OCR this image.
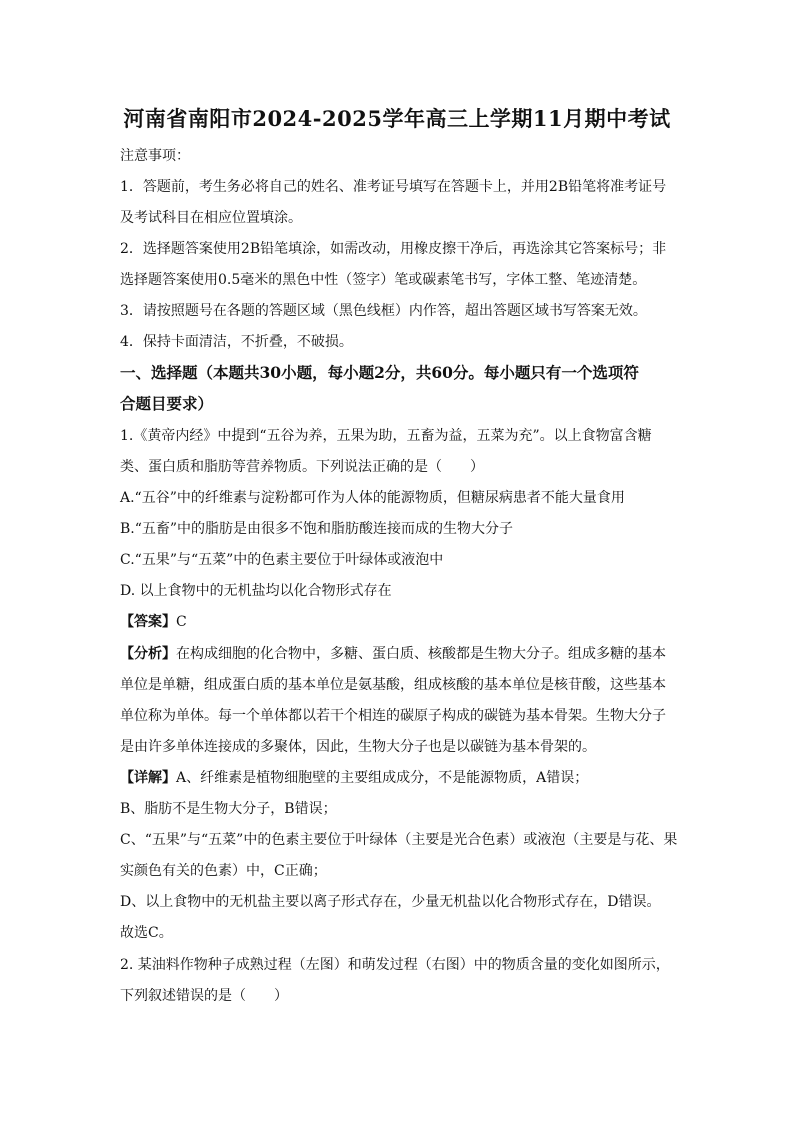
河南省南阳市2024-2025学年高三上学期11月期中考试
注意事项：
1．答题前，考生务必将自己的姓名、准考证号填写在答题卡上，并用2B铅笔将准考证号
及考试科目在相应位置填涂。
2．选择题答案使用2B铅笔填涂，如需改动，用橡皮擦干净后，再选涂其它答案标号；非
选择题答案使用0.5毫米的黑色中性（签字）笔或碳素笔书写，字体工整、笔迹清楚。
3．请按照题号在各题的答题区域（黑色线框）内作答，超出答题区域书写答案无效。
4．保持卡面清洁，不折叠，不破损。
一、选择题（本题共30小题，每小题2分，共60分。每小题只有一个选项符
合题目要求）
1.《黄帝内经》中提到“五谷为养，五果为助，五畜为益，五菜为充”。以上食物富含糖
类、蛋白质和脂肪等营养物质。下列说法正确的是（　　）
A.“五谷”中的纤维素与淀粉都可作为人体的能源物质，但糖尿病患者不能大量食用
B.“五畜”中的脂肪是由很多不饱和脂肪酸连接而成的生物大分子
C.“五果”与“五菜”中的色素主要位于叶绿体或液泡中
D. 以上食物中的无机盐均以化合物形式存在
【答案】C
【分析】在构成细胞的化合物中，多糖、蛋白质、核酸都是生物大分子。组成多糖的基本
单位是单糖，组成蛋白质的基本单位是氨基酸，组成核酸的基本单位是核苷酸，这些基本
单位称为单体。每一个单体都以若干个相连的碳原子构成的碳链为基本骨架。生物大分子
是由许多单体连接成的多聚体，因此，生物大分子也是以碳链为基本骨架的。
【详解】A、纤维素是植物细胞壁的主要组成成分，不是能源物质，A错误；
B、脂肪不是生物大分子，B错误；
C、“五果”与“五菜”中的色素主要位于叶绿体（主要是光合色素）或液泡（主要是与花、果
实颜色有关的色素）中，C正确；
D、以上食物中的无机盐主要以离子形式存在，少量无机盐以化合物形式存在，D错误。
故选C。
2. 某油料作物种子成熟过程（左图）和萌发过程（右图）中的物质含量的变化如图所示，
下列叙述错误的是（　　）
